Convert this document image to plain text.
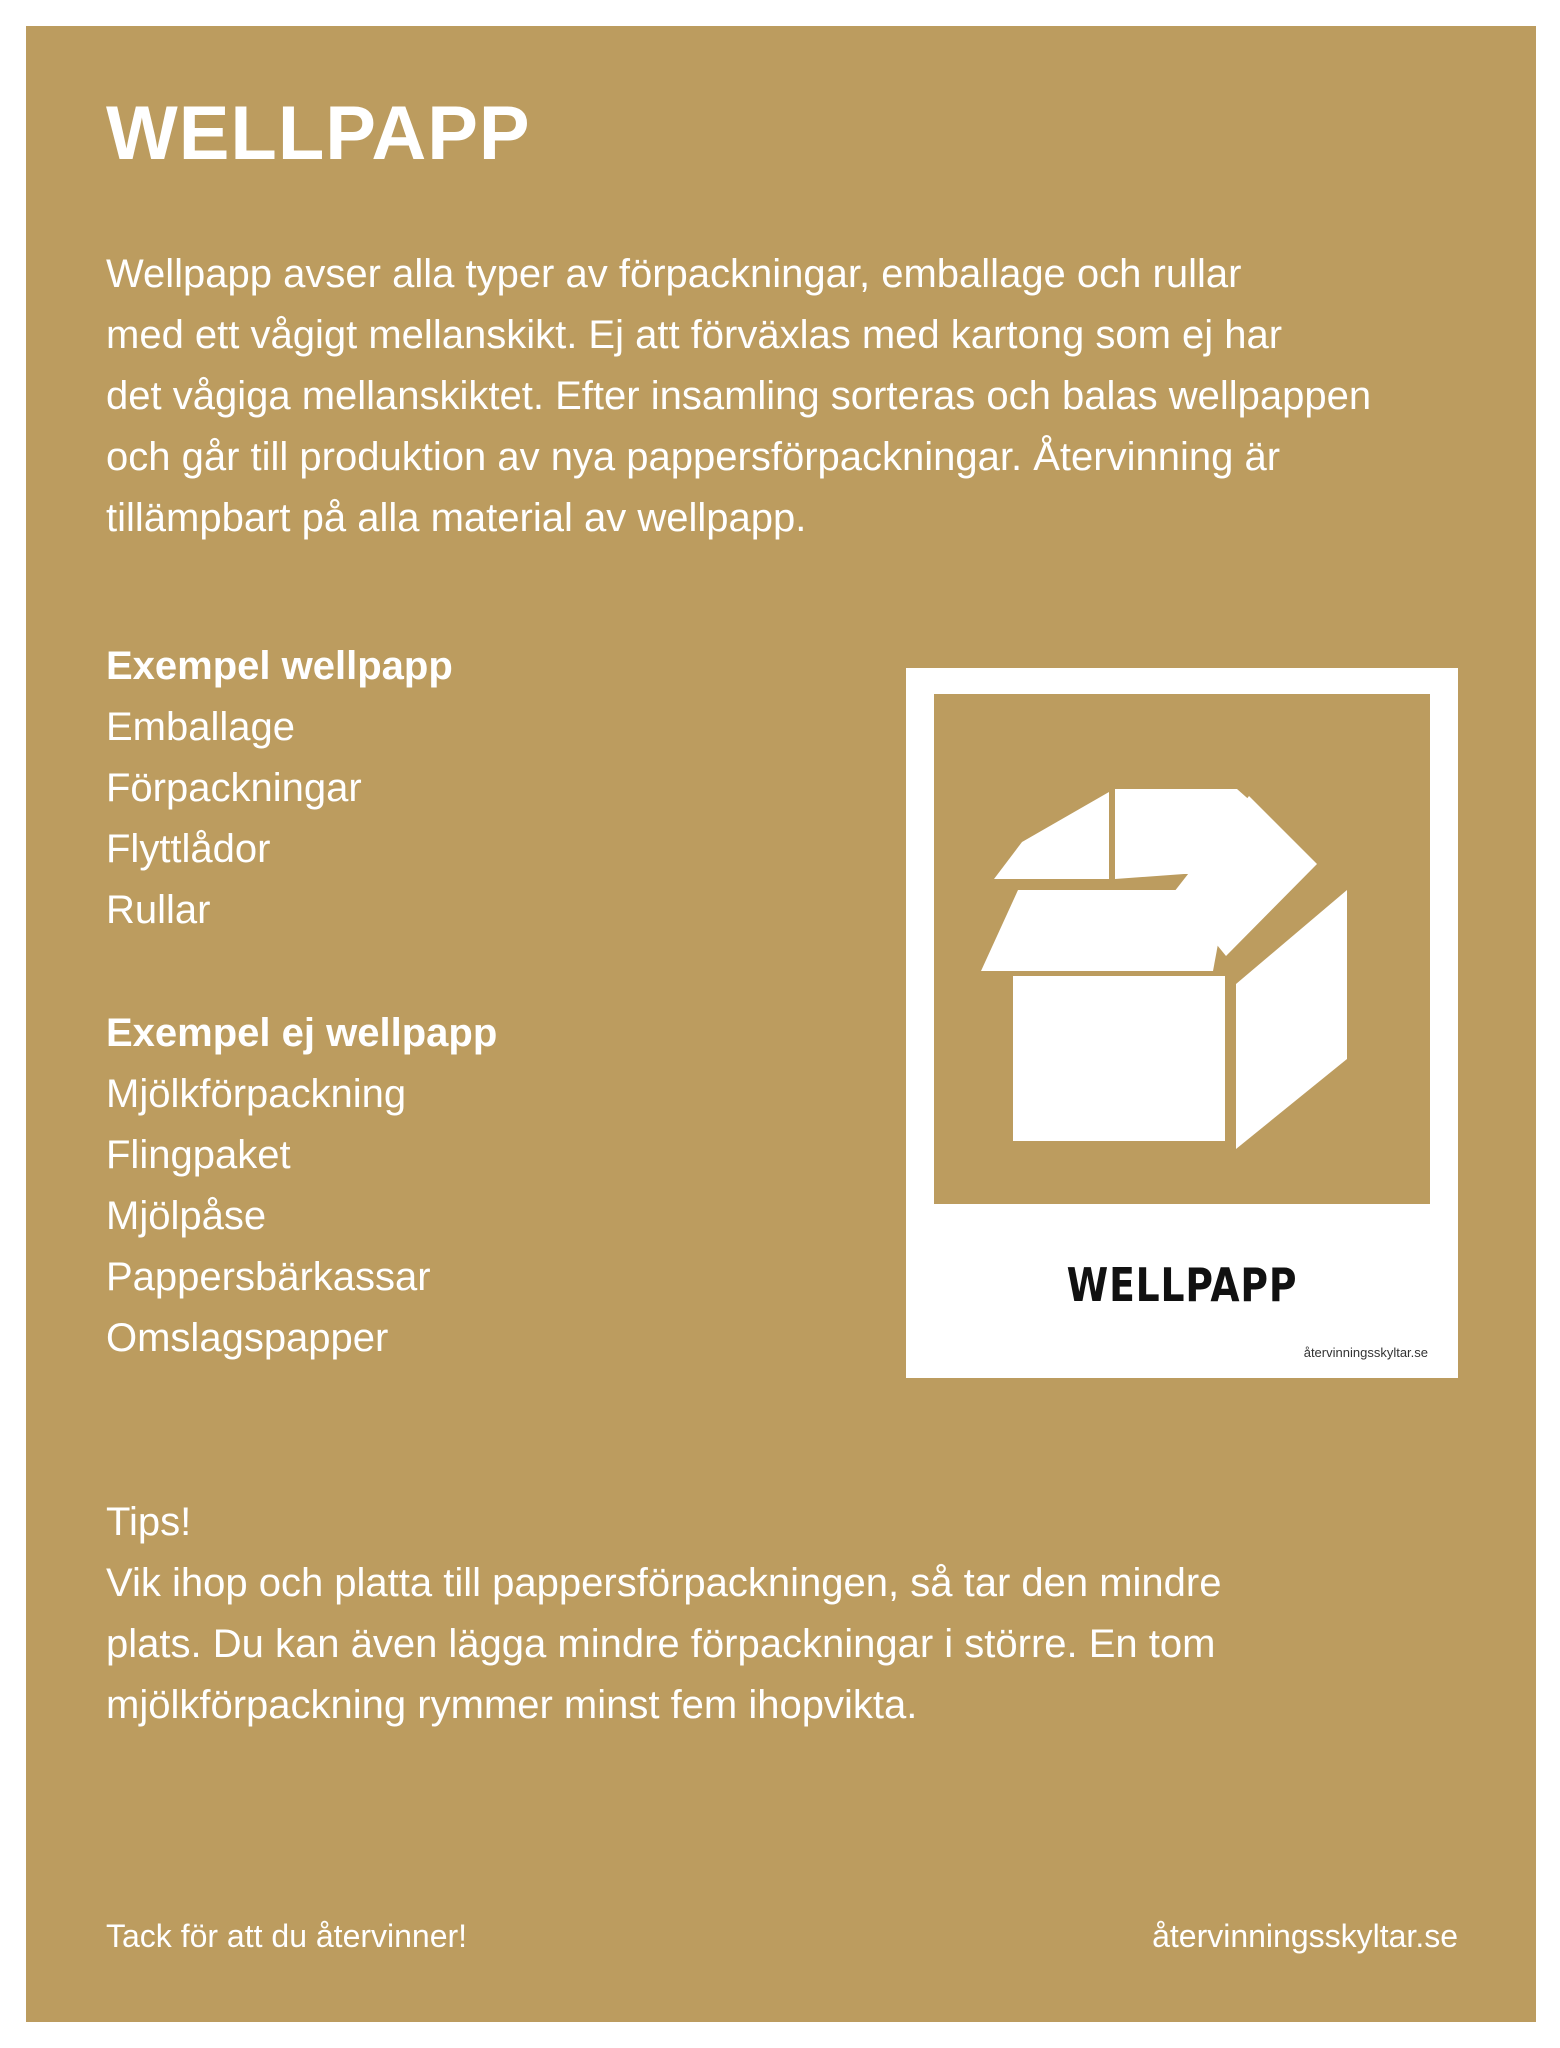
WELLPAPP

Wellpapp avser alla typer av förpackningar, emballage och rullar
med ett vågigt mellanskikt. Ej att förväxlas med kartong som ej har
det vågiga mellanskiktet. Efter insamling sorteras och balas wellpappen
och går till produktion av nya pappersförpackningar. Återvinning är
tillämpbart på alla material av wellpapp.

Exempel wellpapp
Emballage
Förpackningar
Flyttlådor
Rullar
Exempel ej wellpapp
Mjölkförpackning
Flingpaket
Mjölpåse
Pappersbärkassar
Omslagspapper
WELLPAPP
återvinningsskyltar.se

Tips!
Vik ihop och platta till pappersförpackningen, så tar den mindre
plats. Du kan även lägga mindre förpackningar i större. En tom
mjölkförpackning rymmer minst fem ihopvikta.

Tack för att du återvinner!	återvinningsskyltar.se
